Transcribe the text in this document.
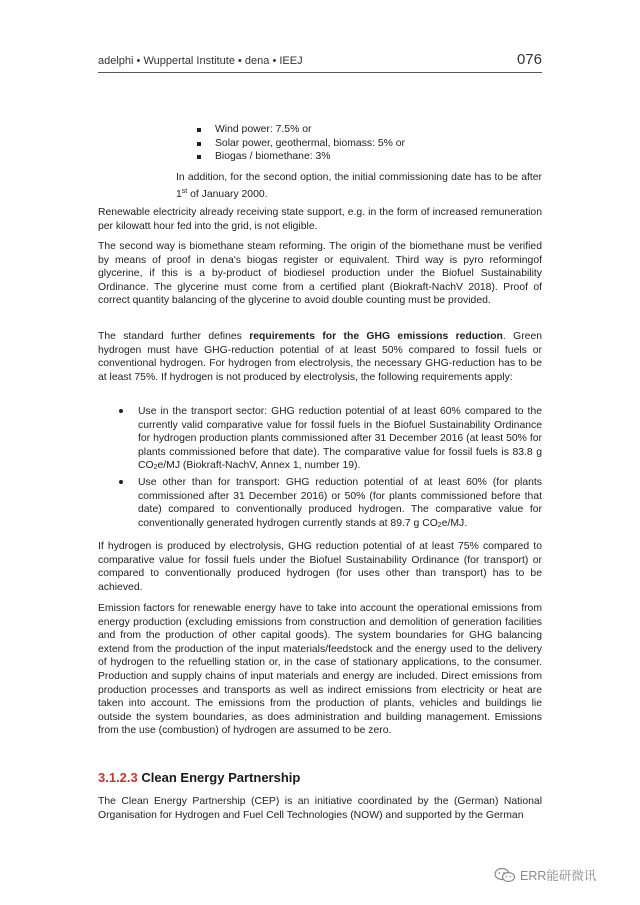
adelphi • Wuppertal Institute • dena • IEEJ	076
Wind power: 7.5% or
Solar power, geothermal, biomass: 5% or
Biogas / biomethane: 3%

In addition, for the second option, the initial commissioning date has to be after 1st of January 2000.

Renewable electricity already receiving state support, e.g. in the form of increased remuneration per kilowatt hour fed into the grid, is not eligible.

The second way is biomethane steam reforming. The origin of the biomethane must be verified by means of proof in dena's biogas register or equivalent. Third way is pyro reformingof glycerine, if this is a by-product of biodiesel production under the Biofuel Sustainability Ordinance. The glycerine must come from a certified plant (Biokraft-NachV 2018). Proof of correct quantity balancing of the glycerine to avoid double counting must be provided.

The standard further defines requirements for the GHG emissions reduction. Green hydrogen must have GHG-reduction potential of at least 50% compared to fossil fuels or conventional hydrogen. For hydrogen from electrolysis, the necessary GHG-reduction has to be at least 75%. If hydrogen is not produced by electrolysis, the following requirements apply:

Use in the transport sector: GHG reduction potential of at least 60% compared to the currently valid comparative value for fossil fuels in the Biofuel Sustainability Ordinance for hydrogen production plants commissioned after 31 December 2016 (at least 50% for plants commissioned before that date). The comparative value for fossil fuels is 83.8 g $CO_2e/MJ$ (Biokraft-NachV, Annex 1, number 19).
Use other than for transport: GHG reduction potential of at least 60% (for plants commissioned after 31 December 2016) or 50% (for plants commissioned before that date) compared to conventionally produced hydrogen. The comparative value for conventionally generated hydrogen currently stands at 89.7 g $CO_2e/MJ$.

If hydrogen is produced by electrolysis, GHG reduction potential of at least 75% compared to comparative value for fossil fuels under the Biofuel Sustainability Ordinance (for transport) or compared to conventionally produced hydrogen (for uses other than transport) has to be achieved.

Emission factors for renewable energy have to take into account the operational emissions from energy production (excluding emissions from construction and demolition of generation facilities and from the production of other capital goods). The system boundaries for GHG balancing extend from the production of the input materials/feedstock and the energy used to the delivery of hydrogen to the refuelling station or, in the case of stationary applications, to the consumer. Production and supply chains of input materials and energy are included. Direct emissions from production processes and transports as well as indirect emissions from electricity or heat are taken into account. The emissions from the production of plants, vehicles and buildings lie outside the system boundaries, as does administration and building management. Emissions from the use (combustion) of hydrogen are assumed to be zero.

3.1.2.3 Clean Energy Partnership

The Clean Energy Partnership (CEP) is an initiative coordinated by the (German) National Organisation for Hydrogen and Fuel Cell Technologies (NOW) and supported by the German

ERR能研微讯
